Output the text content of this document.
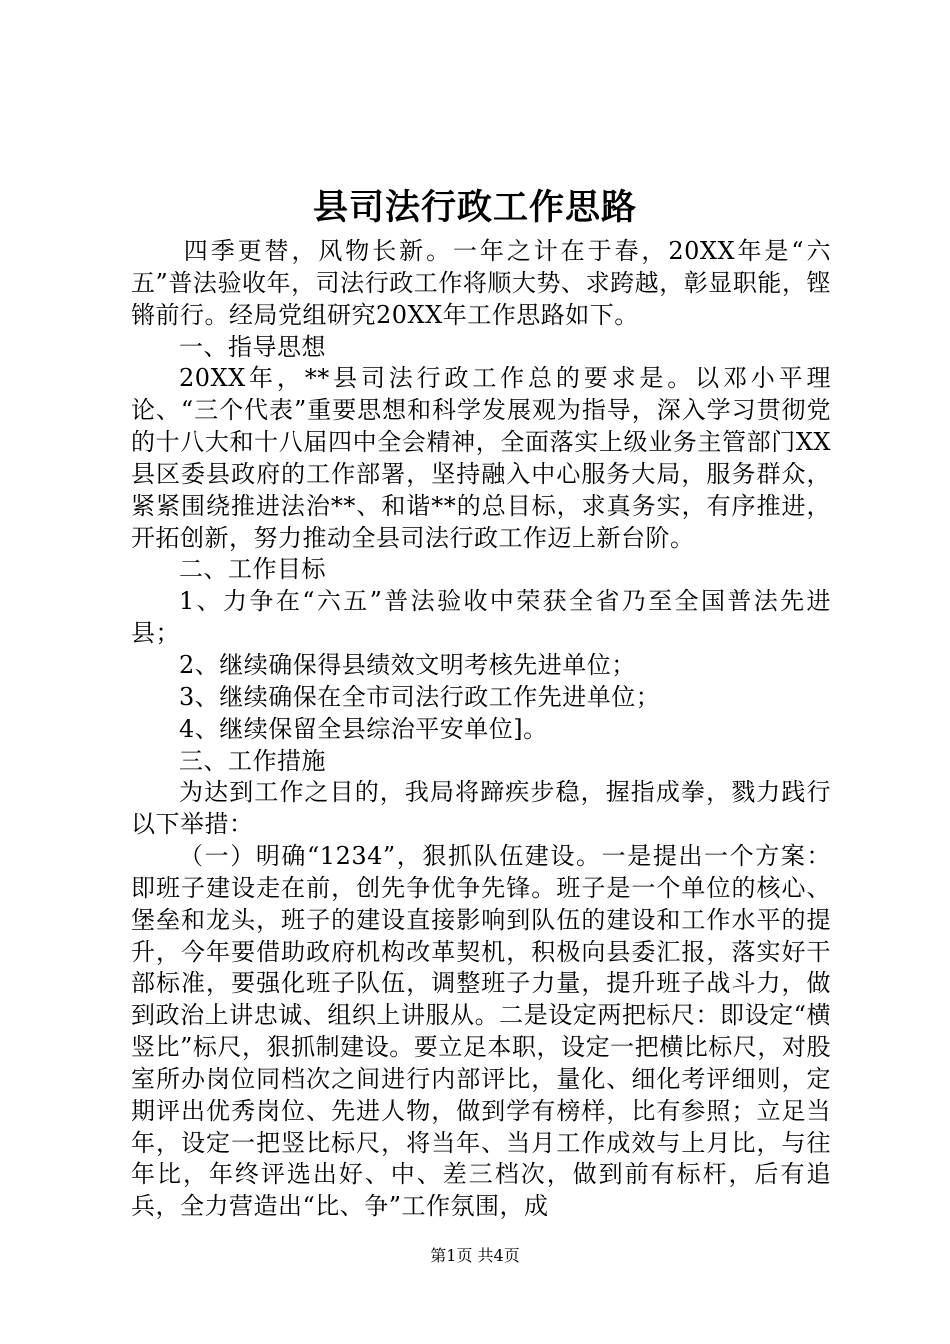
县司法行政工作思路

四季更替，风物长新。一年之计在于春，20XX年是“六五”普法验收年，司法行政工作将顺大势、求跨越，彰显职能，铿锵前行。经局党组研究20XX年工作思路如下。

一、指导思想

20XX年，**县司法行政工作总的要求是。以邓小平理论、“三个代表”重要思想和科学发展观为指导，深入学习贯彻党的十八大和十八届四中全会精神，全面落实上级业务主管部门XX县区委县政府的工作部署，坚持融入中心服务大局，服务群众，紧紧围绕推进法治**、和谐**的总目标，求真务实，有序推进，开拓创新，努力推动全县司法行政工作迈上新台阶。

二、工作目标

1、力争在“六五”普法验收中荣获全省乃至全国普法先进县；

2、继续确保得县绩效文明考核先进单位；

3、继续确保在全市司法行政工作先进单位；

4、继续保留全县综治平安单位]。

三、工作措施

为达到工作之目的，我局将蹄疾步稳，握指成拳，戮力践行以下举措：

（一）明确“1234”，狠抓队伍建设。一是提出一个方案：即班子建设走在前，创先争优争先锋。班子是一个单位的核心、堡垒和龙头，班子的建设直接影响到队伍的建设和工作水平的提升，今年要借助政府机构改革契机，积极向县委汇报，落实好干部标准，要强化班子队伍，调整班子力量，提升班子战斗力，做到政治上讲忠诚、组织上讲服从。二是设定两把标尺：即设定“横竖比”标尺，狠抓制建设。要立足本职，设定一把横比标尺，对股室所办岗位同档次之间进行内部评比，量化、细化考评细则，定期评出优秀岗位、先进人物，做到学有榜样，比有参照；立足当年，设定一把竖比标尺，将当年、当月工作成效与上月比，与往年比，年终评选出好、中、差三档次，做到前有标杆，后有追兵，全力营造出“比、争”工作氛围，成

第1页 共4页
